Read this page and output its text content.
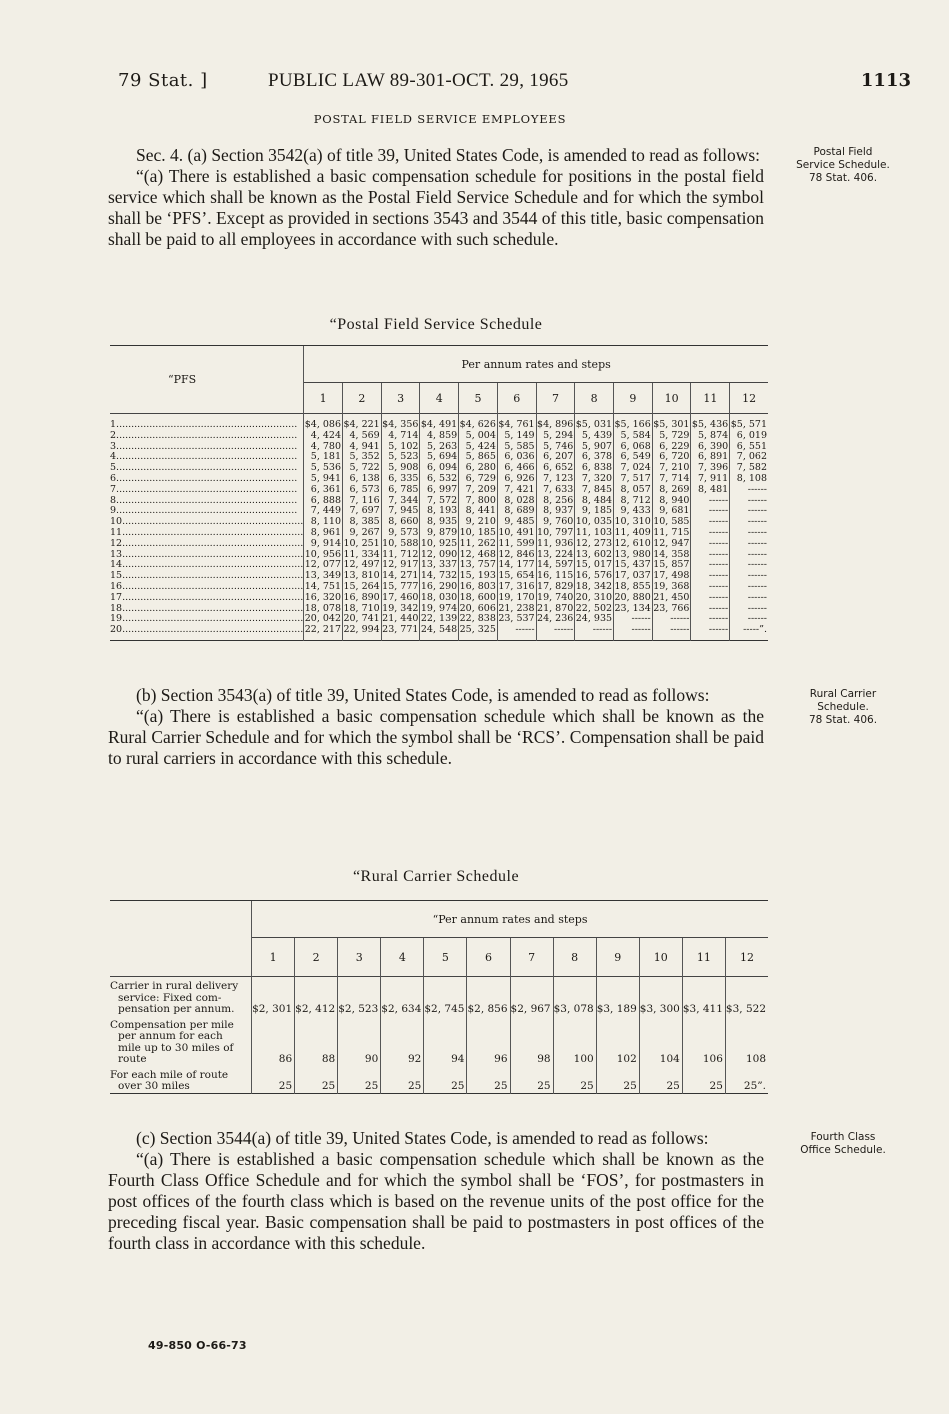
79 Stat. ]	PUBLIC LAW 89-301-OCT. 29, 1965	1113
POSTAL FIELD SERVICE EMPLOYEES

Sec. 4. (a) Section 3542(a) of title 39, United States Code, is amended to read as follows:

“(a) There is established a basic compensation schedule for positions in the postal field service which shall be known as the Postal Field Service Schedule and for which the symbol shall be ‘PFS’. Except as provided in sections 3543 and 3544 of this title, basic compensation shall be paid to all employees in accordance with such schedule.

Postal Field
Service Schedule.
78 Stat. 406.
“Postal Field Service Schedule

“PFS	Per annum rates and steps											
	1	2	3	4	5	6	7	8	9	10	11	12

1............................................................	$4, 086	$4, 221	$4, 356	$4, 491	$4, 626	$4, 761	$4, 896	$5, 031	$5, 166	$5, 301	$5, 436	$5, 571
2............................................................	4, 424	4, 569	4, 714	4, 859	5, 004	5, 149	5, 294	5, 439	5, 584	5, 729	5, 874	6, 019
3............................................................	4, 780	4, 941	5, 102	5, 263	5, 424	5, 585	5, 746	5, 907	6, 068	6, 229	6, 390	6, 551
4............................................................	5, 181	5, 352	5, 523	5, 694	5, 865	6, 036	6, 207	6, 378	6, 549	6, 720	6, 891	7, 062
5............................................................	5, 536	5, 722	5, 908	6, 094	6, 280	6, 466	6, 652	6, 838	7, 024	7, 210	7, 396	7, 582
6............................................................	5, 941	6, 138	6, 335	6, 532	6, 729	6, 926	7, 123	7, 320	7, 517	7, 714	7, 911	8, 108
7............................................................	6, 361	6, 573	6, 785	6, 997	7, 209	7, 421	7, 633	7, 845	8, 057	8, 269	8, 481	------
8............................................................	6, 888	7, 116	7, 344	7, 572	7, 800	8, 028	8, 256	8, 484	8, 712	8, 940	------	------
9............................................................	7, 449	7, 697	7, 945	8, 193	8, 441	8, 689	8, 937	9, 185	9, 433	9, 681	------	------
10............................................................	8, 110	8, 385	8, 660	8, 935	9, 210	9, 485	9, 760	10, 035	10, 310	10, 585	------	------
11............................................................	8, 961	9, 267	9, 573	9, 879	10, 185	10, 491	10, 797	11, 103	11, 409	11, 715	------	------
12............................................................	9, 914	10, 251	10, 588	10, 925	11, 262	11, 599	11, 936	12, 273	12, 610	12, 947	------	------
13............................................................	10, 956	11, 334	11, 712	12, 090	12, 468	12, 846	13, 224	13, 602	13, 980	14, 358	------	------
14............................................................	12, 077	12, 497	12, 917	13, 337	13, 757	14, 177	14, 597	15, 017	15, 437	15, 857	------	------
15............................................................	13, 349	13, 810	14, 271	14, 732	15, 193	15, 654	16, 115	16, 576	17, 037	17, 498	------	------
16............................................................	14, 751	15, 264	15, 777	16, 290	16, 803	17, 316	17, 829	18, 342	18, 855	19, 368	------	------
17............................................................	16, 320	16, 890	17, 460	18, 030	18, 600	19, 170	19, 740	20, 310	20, 880	21, 450	------	------
18............................................................	18, 078	18, 710	19, 342	19, 974	20, 606	21, 238	21, 870	22, 502	23, 134	23, 766	------	------
19............................................................	20, 042	20, 741	21, 440	22, 139	22, 838	23, 537	24, 236	24, 935	------	------	------	------
20............................................................	22, 217	22, 994	23, 771	24, 548	25, 325	------	------	------	------	------	------	-----”.

(b) Section 3543(a) of title 39, United States Code, is amended to read as follows:

“(a) There is established a basic compensation schedule which shall be known as the Rural Carrier Schedule and for which the symbol shall be ‘RCS’. Compensation shall be paid to rural carriers in accordance with this schedule.

Rural Carrier
Schedule.
78 Stat. 406.
“Rural Carrier Schedule

	“Per annum rates and steps											
	1	2	3	4	5	6	7	8	9	10	11	12

Carrier in rural delivery
service: Fixed com-
pensation per annum.	$2, 301	$2, 412	$2, 523	$2, 634	$2, 745	$2, 856	$2, 967	$3, 078	$3, 189	$3, 300	$3, 411	$3, 522

Compensation per mile
per annum for each
mile up to 30 miles of
route	86	88	90	92	94	96	98	100	102	104	106	108

For each mile of route
over 30 miles	25	25	25	25	25	25	25	25	25	25	25	25”.

(c) Section 3544(a) of title 39, United States Code, is amended to read as follows:

“(a) There is established a basic compensation schedule which shall be known as the Fourth Class Office Schedule and for which the symbol shall be ‘FOS’, for postmasters in post offices of the fourth class which is based on the revenue units of the post office for the preceding fiscal year. Basic compensation shall be paid to postmasters in post offices of the fourth class in accordance with this schedule.

Fourth Class
Office Schedule.
49-850 O-66-73
